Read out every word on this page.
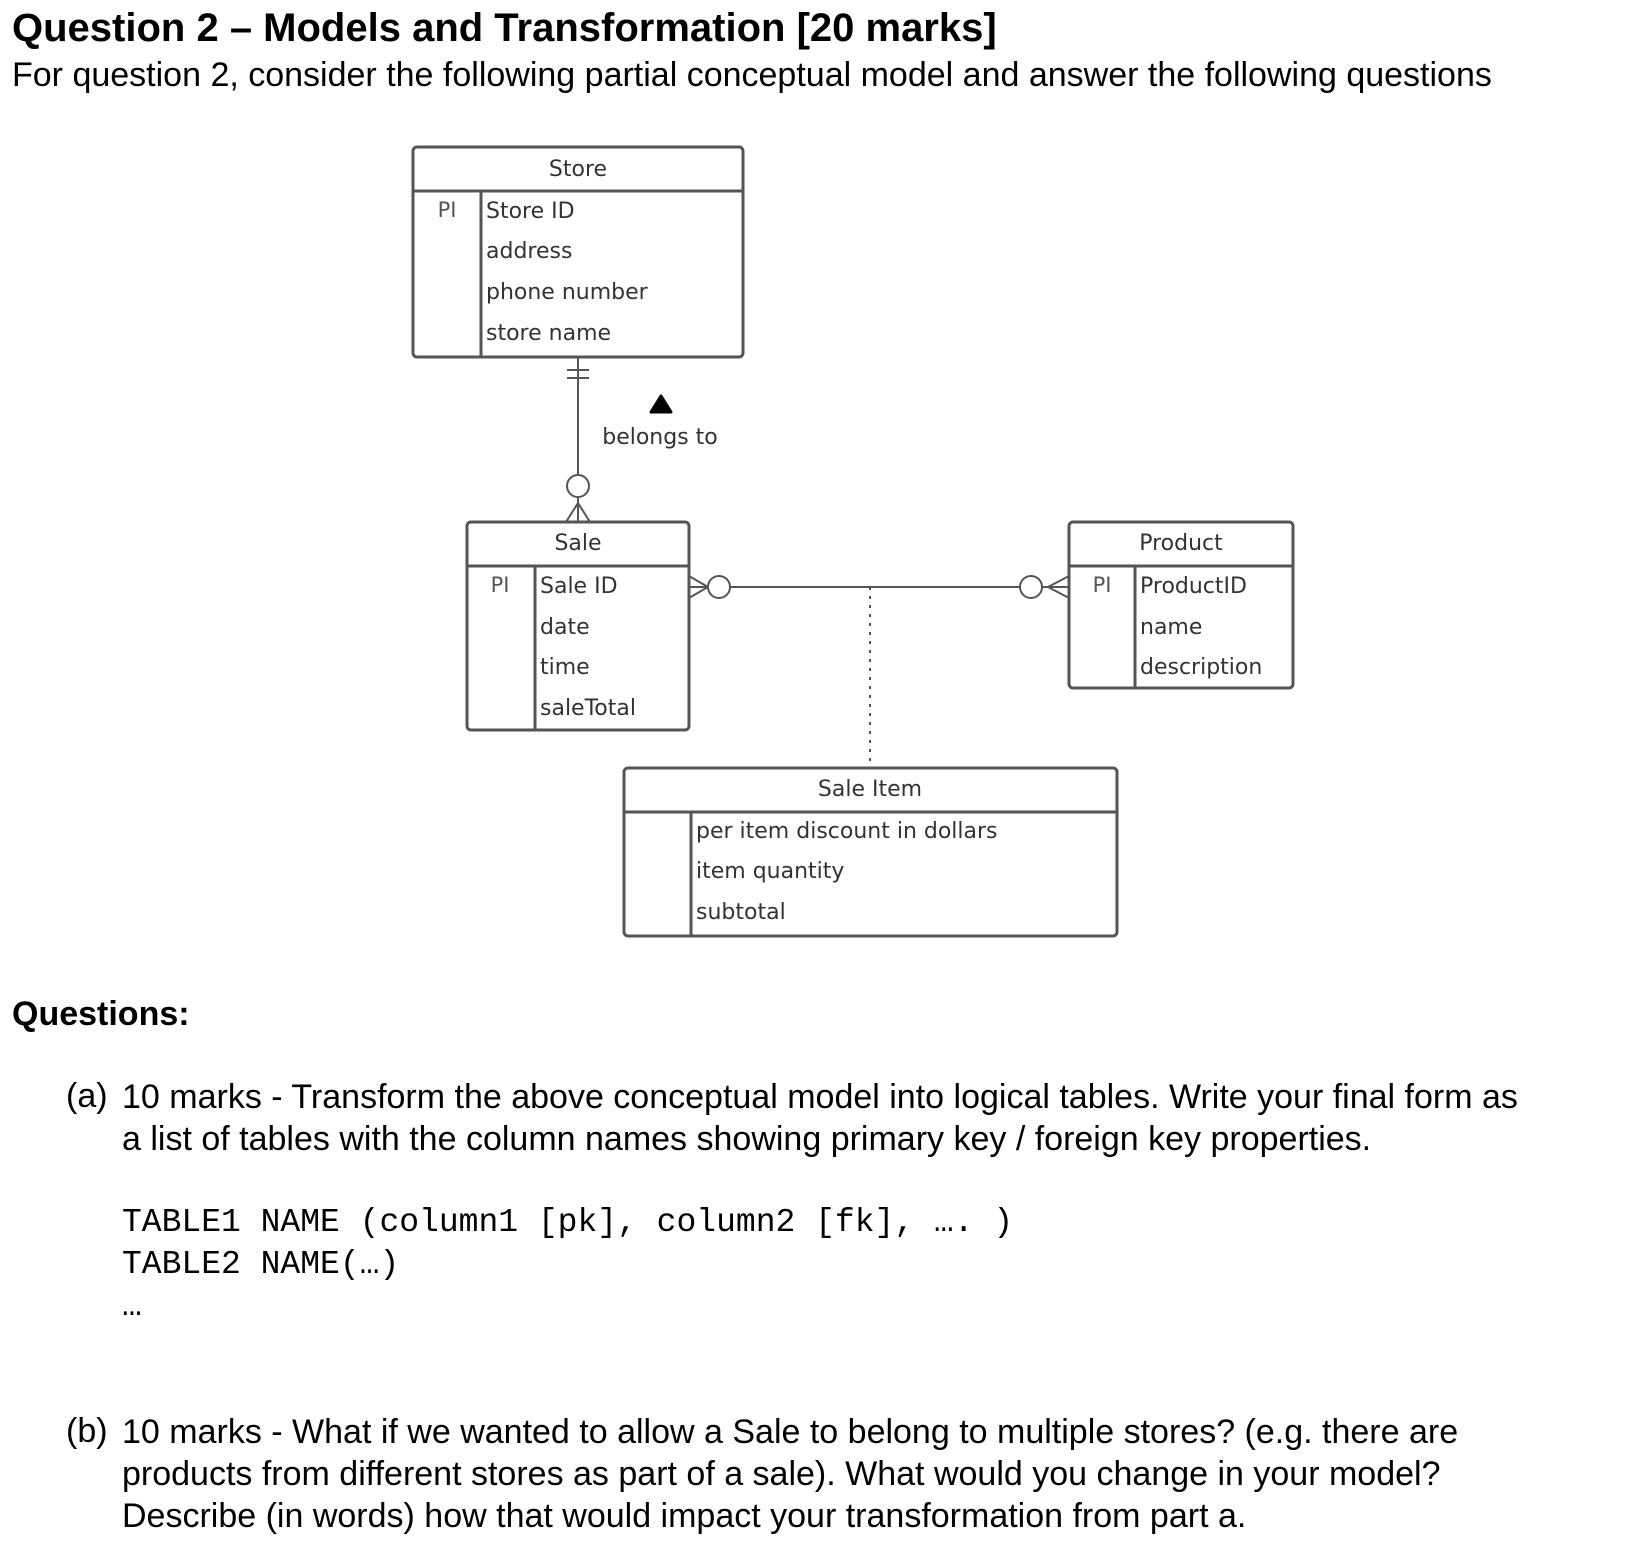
Question 2 – Models and Transformation [20 marks]
For question 2, consider the following partial conceptual model and answer the following questions
belongs to
Store
PI Store ID
address
phone number
store name
Sale
PI Sale ID
date
time
saleTotal
Product
PI ProductID
name
description
Sale Item
per item discount in dollars
item quantity
subtotal
Questions:
(a) 10 marks - Transform the above conceptual model into logical tables. Write your final form as
a list of tables with the column names showing primary key / foreign key properties.
TABLE1 NAME (column1 [pk], column2 [fk], …. )
TABLE2 NAME(…)
…
(b) 10 marks - What if we wanted to allow a Sale to belong to multiple stores? (e.g. there are
products from different stores as part of a sale). What would you change in your model?
Describe (in words) how that would impact your transformation from part a.
